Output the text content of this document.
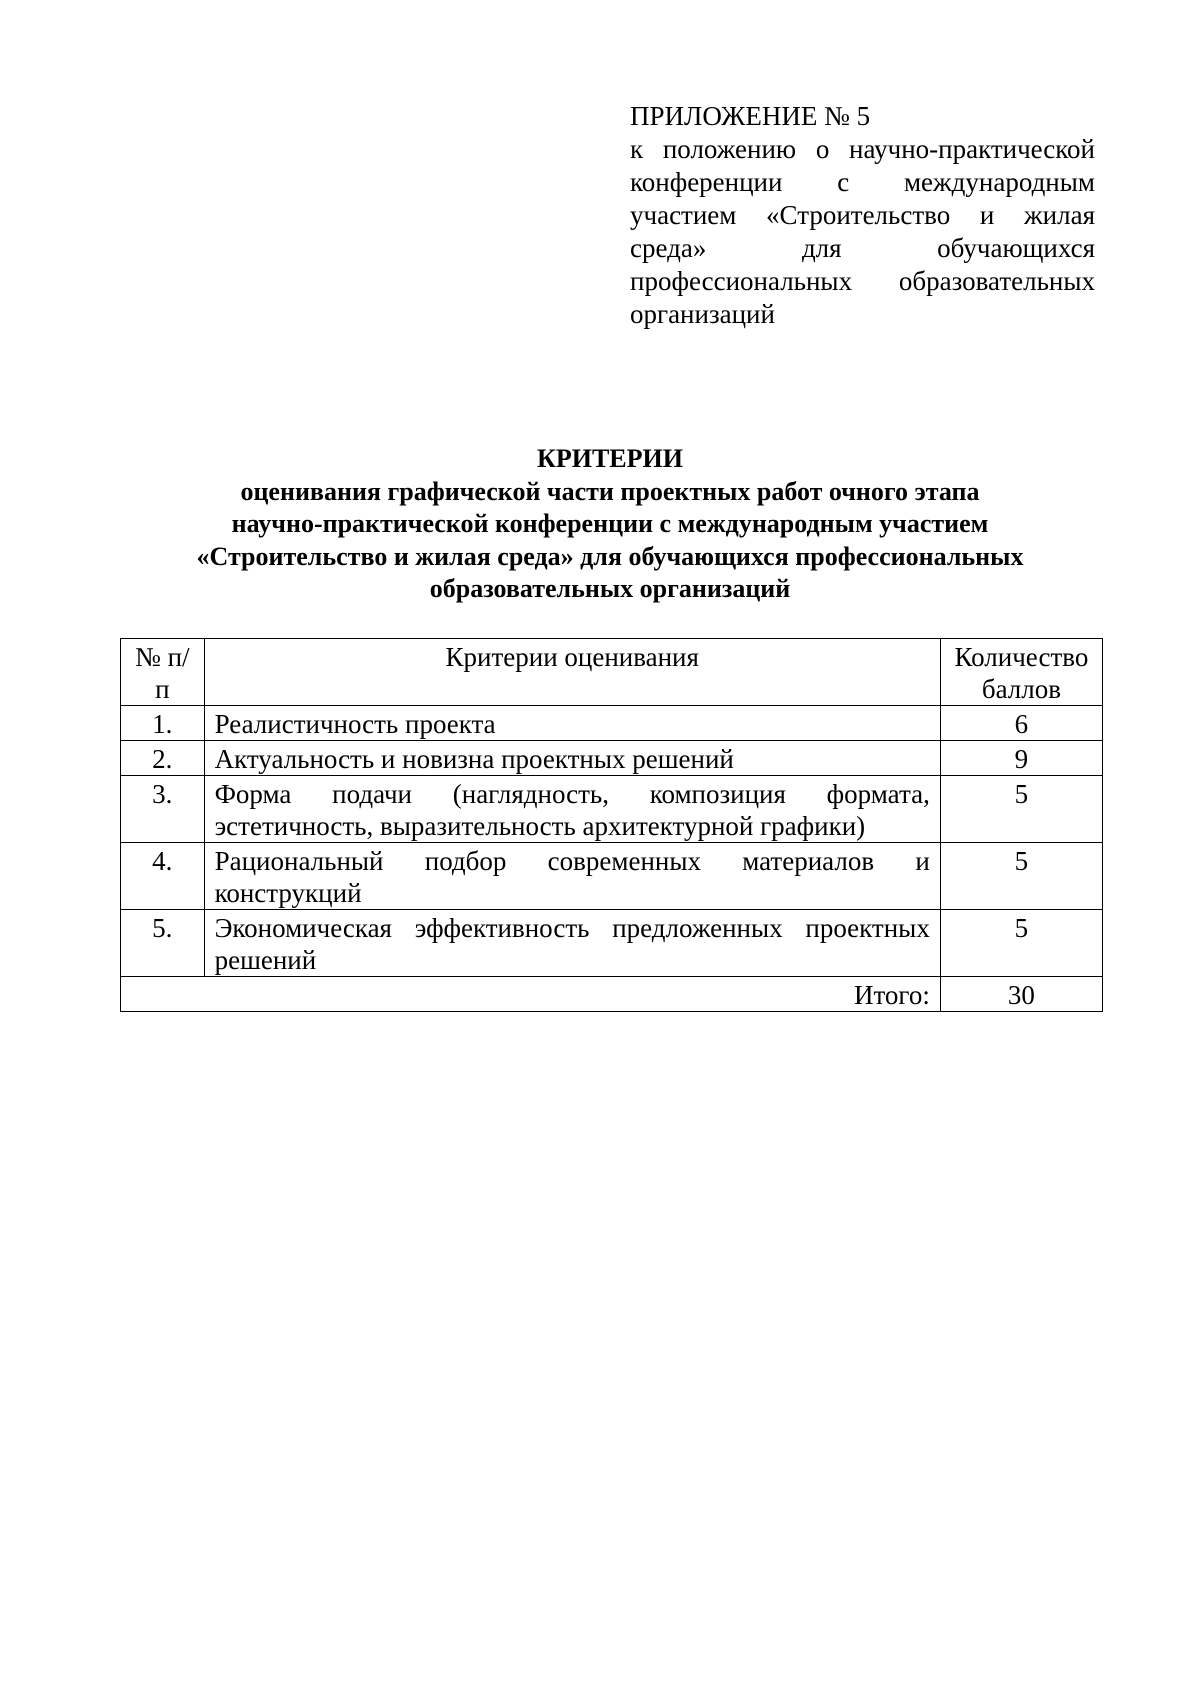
ПРИЛОЖЕНИЕ № 5
к положению о научно-практической конференции с международным участием «Строительство и жилая среда» для обучающихся профессиональных образовательных организаций
КРИТЕРИИ
оценивания графической части проектных работ очного этапа
научно-практической конференции с международным участием
«Строительство и жилая среда» для обучающихся профессиональных
образовательных организаций
№ п/п	Критерии оценивания	Количество баллов
1.	Реалистичность проекта	6
2.	Актуальность и новизна проектных решений	9
3.	Форма подачи (наглядность, композиция формата, эстетичность, выразительность архитектурной графики)	5
4.	Рациональный подбор современных материалов и конструкций	5
5.	Экономическая эффективность предложенных проектных решений	5
Итого:		30
